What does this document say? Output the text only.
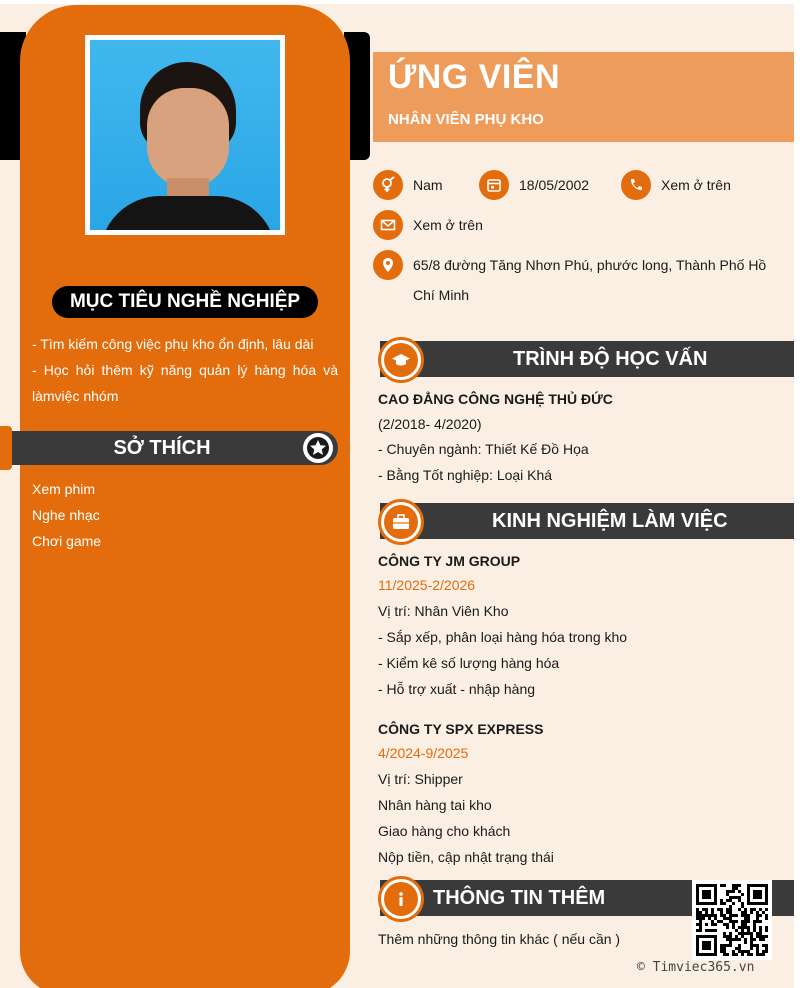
MỤC TIÊU NGHỀ NGHIỆP

- Tìm kiếm công việc phụ kho ổn định, lâu dài

- Học hỏi thêm kỹ năng quản lý hàng hóa và làmviệc nhóm

SỞ THÍCH
Xem phim
Nghe nhạc
Chơi game
ỨNG VIÊN
NHÂN VIÊN PHỤ KHO
Nam	18/05/2002	Xem ở trên
Xem ở trên
65/8 đường Tăng Nhơn Phú, phước long, Thành Phố Hồ
Chí Minh
TRÌNH ĐỘ HỌC VẤN
CAO ĐẲNG CÔNG NGHỆ THỦ ĐỨC
(2/2018- 4/2020)
- Chuyên ngành: Thiết Kế Đồ Họa
- Bằng Tốt nghiệp: Loại Khá
KINH NGHIỆM LÀM VIỆC
CÔNG TY JM GROUP
11/2025-2/2026
Vị trí: Nhân Viên Kho
- Sắp xếp, phân loại hàng hóa trong kho
- Kiểm kê số lượng hàng hóa
- Hỗ trợ xuất - nhập hàng
CÔNG TY SPX EXPRESS
4/2024-9/2025
Vị trí: Shipper
Nhân hàng tai kho
Giao hàng cho khách
Nộp tiền, cập nhật trạng thái
THÔNG TIN THÊM
Thêm những thông tin khác ( nếu cần )
© Timviec365.vn
